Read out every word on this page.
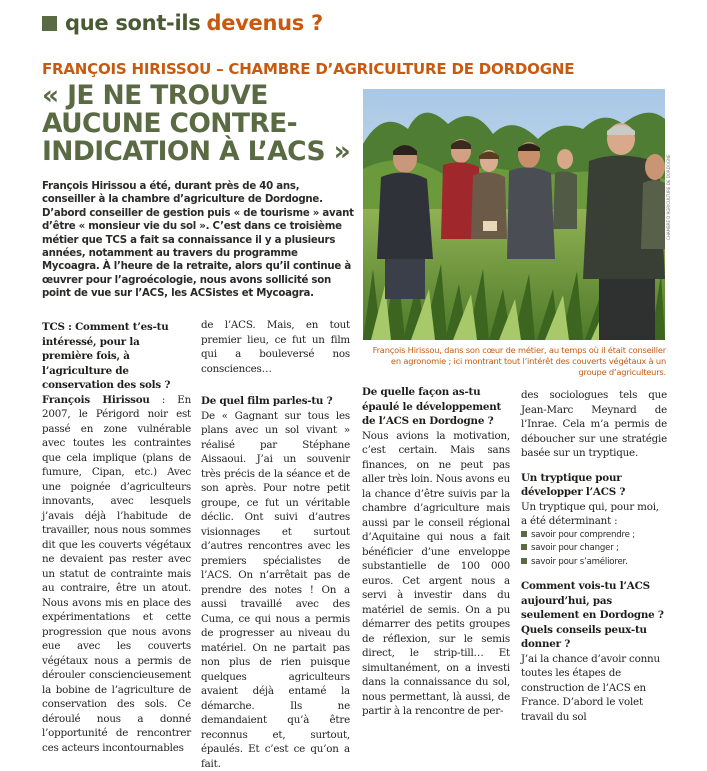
que sont-ils devenus ?
FRANÇOIS HIRISSOU – CHAMBRE D’AGRICULTURE DE DORDOGNE
« JE NE TROUVE
AUCUNE CONTRE-
INDICATION À L’ACS »

François Hirissou a été, durant près de 40 ans, conseiller à la chambre d’agriculture de Dordogne. D’abord conseiller de gestion puis « de tourisme » avant d’être « monsieur vie du sol ». C’est dans ce troisième métier que TCS a fait sa connaissance il y a plusieurs années, notamment au travers du programme Mycoagra. À l’heure de la retraite, alors qu’il continue à œuvrer pour l’agroécologie, nous avons sollicité son point de vue sur l’ACS, les ACSistes et Mycoagra.

CHAMBRE D’AGRICULTURE DE DORDOGNE

François Hirissou, dans son cœur de métier, au temps où il était conseiller en agronomie ; ici montrant tout l’intérêt des couverts végétaux à un groupe d’agriculteurs.

TCS : Comment t’es-tu intéressé, pour la première fois, à l’agriculture de conservation des sols ?

François Hirissou : En 2007, le Périgord noir est passé en zone vulnérable avec toutes les contraintes que cela implique (plans de fumure, Cipan, etc.) Avec une poignée d’agriculteurs innovants, avec lesquels j’avais déjà l’habitude de travailler, nous nous sommes dit que les couverts végétaux ne devaient pas rester avec un statut de contrainte mais au contraire, être un atout. Nous avons mis en place des expérimentations et cette progression que nous avons eue avec les couverts végétaux nous a permis de dérouler consciencieusement la bobine de l’agriculture de conservation des sols. Ce déroulé nous a donné l’opportunité de rencontrer ces acteurs incontournables

de l’ACS. Mais, en tout premier lieu, ce fut un film qui a bouleversé nos consciences…

De quel film parles-tu ?

De « Gagnant sur tous les plans avec un sol vivant » réalisé par Stéphane Aissaoui. J’ai un souvenir très précis de la séance et de son après. Pour notre petit groupe, ce fut un véritable déclic. Ont suivi d’autres visionnages et surtout d’autres rencontres avec les premiers spécialistes de l’ACS. On n’arrêtait pas de prendre des notes ! On a aussi travaillé avec des Cuma, ce qui nous a permis de progresser au niveau du matériel. On ne partait pas non plus de rien puisque quelques agriculteurs avaient déjà entamé la démarche. Ils ne demandaient qu’à être reconnus et, surtout, épaulés. Et c’est ce qu’on a fait.

De quelle façon as-tu épaulé le développement de l’ACS en Dordogne ?

Nous avions la motivation, c’est certain. Mais sans finances, on ne peut pas aller très loin. Nous avons eu la chance d’être suivis par la chambre d’agriculture mais aussi par le conseil régional d’Aquitaine qui nous a fait bénéficier d’une enveloppe substantielle de 100 000 euros. Cet argent nous a servi à investir dans du matériel de semis. On a pu démarrer des petits groupes de réflexion, sur le semis direct, le strip-till… Et simultanément, on a investi dans la connaissance du sol, nous permettant, là aussi, de partir à la rencontre de per-

des sociologues tels que Jean-Marc Meynard de l’Inrae. Cela m’a permis de déboucher sur une stratégie basée sur un tryptique.

Un tryptique pour développer l’ACS ?

Un tryptique qui, pour moi, a été déterminant :

savoir pour comprendre ;
savoir pour changer ;
savoir pour s’améliorer.

Comment vois-tu l’ACS aujourd’hui, pas seulement en Dordogne ? Quels conseils peux-tu donner ?

J’ai la chance d’avoir connu toutes les étapes de construction de l’ACS en France. D’abord le volet travail du sol
